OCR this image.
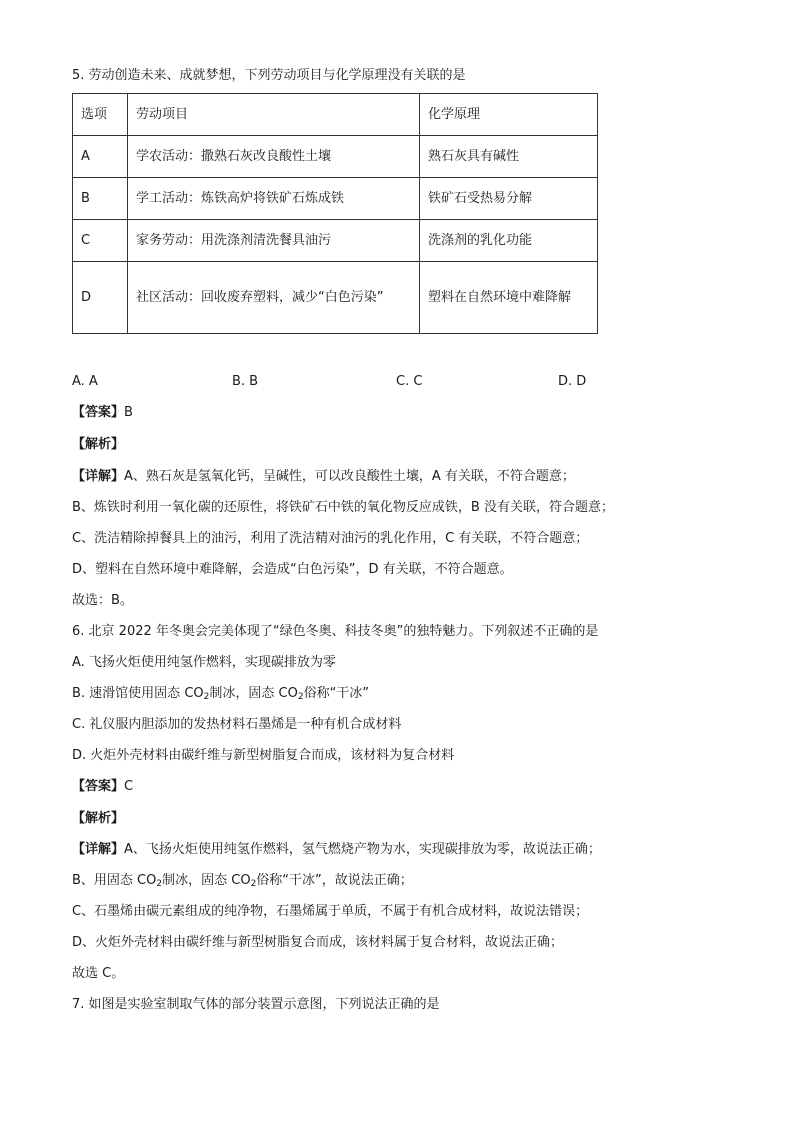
5. 劳动创造未来、成就梦想，下列劳动项目与化学原理没有关联的是
选项	劳动项目	化学原理
A	学农活动：撒熟石灰改良酸性土壤	熟石灰具有碱性
B	学工活动：炼铁高炉将铁矿石炼成铁	铁矿石受热易分解
C	家务劳动：用洗涤剂清洗餐具油污	洗涤剂的乳化功能
D	社区活动：回收废弃塑料，减少“白色污染”	塑料在自然环境中难降解
A. A	B. B	C. C	D. D
【答案】B
【解析】
【详解】A、熟石灰是氢氧化钙，呈碱性，可以改良酸性土壤，A 有关联，不符合题意；
B、炼铁时利用一氧化碳的还原性，将铁矿石中铁的氧化物反应成铁，B 没有关联，符合题意；
C、洗洁精除掉餐具上的油污，利用了洗洁精对油污的乳化作用，C 有关联，不符合题意；
D、塑料在自然环境中难降解，会造成“白色污染”，D 有关联，不符合题意。
故选：B。
6. 北京 2022 年冬奥会完美体现了“绿色冬奥、科技冬奥”的独特魅力。下列叙述不正确的是
A. 飞扬火炬使用纯氢作燃料，实现碳排放为零
B. 速滑馆使用固态 $CO_2$制冰，固态 $CO_2$俗称“干冰”
C. 礼仪服内胆添加的发热材料石墨烯是一种有机合成材料
D. 火炬外壳材料由碳纤维与新型树脂复合而成，该材料为复合材料
【答案】C
【解析】
【详解】A、飞扬火炬使用纯氢作燃料，氢气燃烧产物为水，实现碳排放为零，故说法正确；
B、用固态 $CO_2$制冰，固态 $CO_2$俗称“干冰”，故说法正确；
C、石墨烯由碳元素组成的纯净物，石墨烯属于单质，不属于有机合成材料，故说法错误；
D、火炬外壳材料由碳纤维与新型树脂复合而成，该材料属于复合材料，故说法正确；
故选 C。
7. 如图是实验室制取气体的部分装置示意图，下列说法正确的是
